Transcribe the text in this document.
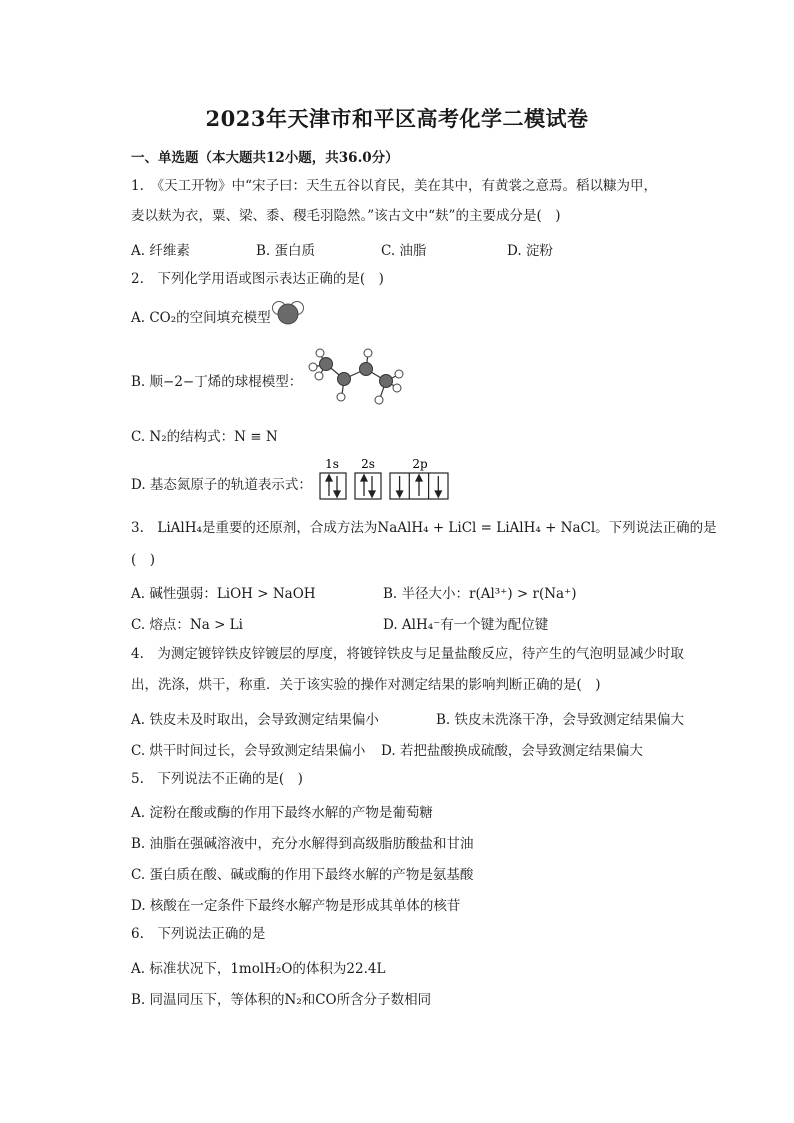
2023年天津市和平区高考化学二模试卷
一、单选题（本大题共12小题，共36.0分）
1.　《天工开物》中“宋子曰：天生五谷以育民，美在其中，有黄裳之意焉。稻以糠为甲，
麦以麸为衣，粟、梁、黍、稷毛羽隐然。”该古文中“麸”的主要成分是(　)
A. 纤维素	B. 蛋白质	C. 油脂	D. 淀粉
2.　下列化学用语或图示表达正确的是(　)
A. CO₂的空间填充模型
B. 顺−2−丁烯的球棍模型：
C. N₂的结构式：N ≡ N
D. 基态氮原子的轨道表示式：
1s 2s	2p
3.　LiAlH₄是重要的还原剂，合成方法为NaAlH₄ + LiCl = LiAlH₄ + NaCl。下列说法正确的是
(　)
A. 碱性强弱：LiOH > NaOH	B. 半径大小：r(Al³⁺) > r(Na⁺)
C. 熔点：Na > Li	D. AlH₄⁻有一个键为配位键
4.　为测定镀锌铁皮锌镀层的厚度，将镀锌铁皮与足量盐酸反应，待产生的气泡明显减少时取
出，洗涤，烘干，称重．关于该实验的操作对测定结果的影响判断正确的是(　)
A. 铁皮未及时取出，会导致测定结果偏小	B. 铁皮未洗涤干净，会导致测定结果偏大
C. 烘干时间过长，会导致测定结果偏小 D. 若把盐酸换成硫酸，会导致测定结果偏大
5.　下列说法不正确的是(　)
A. 淀粉在酸或酶的作用下最终水解的产物是葡萄糖
B. 油脂在强碱溶液中，充分水解得到高级脂肪酸盐和甘油
C. 蛋白质在酸、碱或酶的作用下最终水解的产物是氨基酸
D. 核酸在一定条件下最终水解产物是形成其单体的核苷
6.　下列说法正确的是
A. 标准状况下，1molH₂O的体积为22.4L
B. 同温同压下，等体积的N₂和CO所含分子数相同
